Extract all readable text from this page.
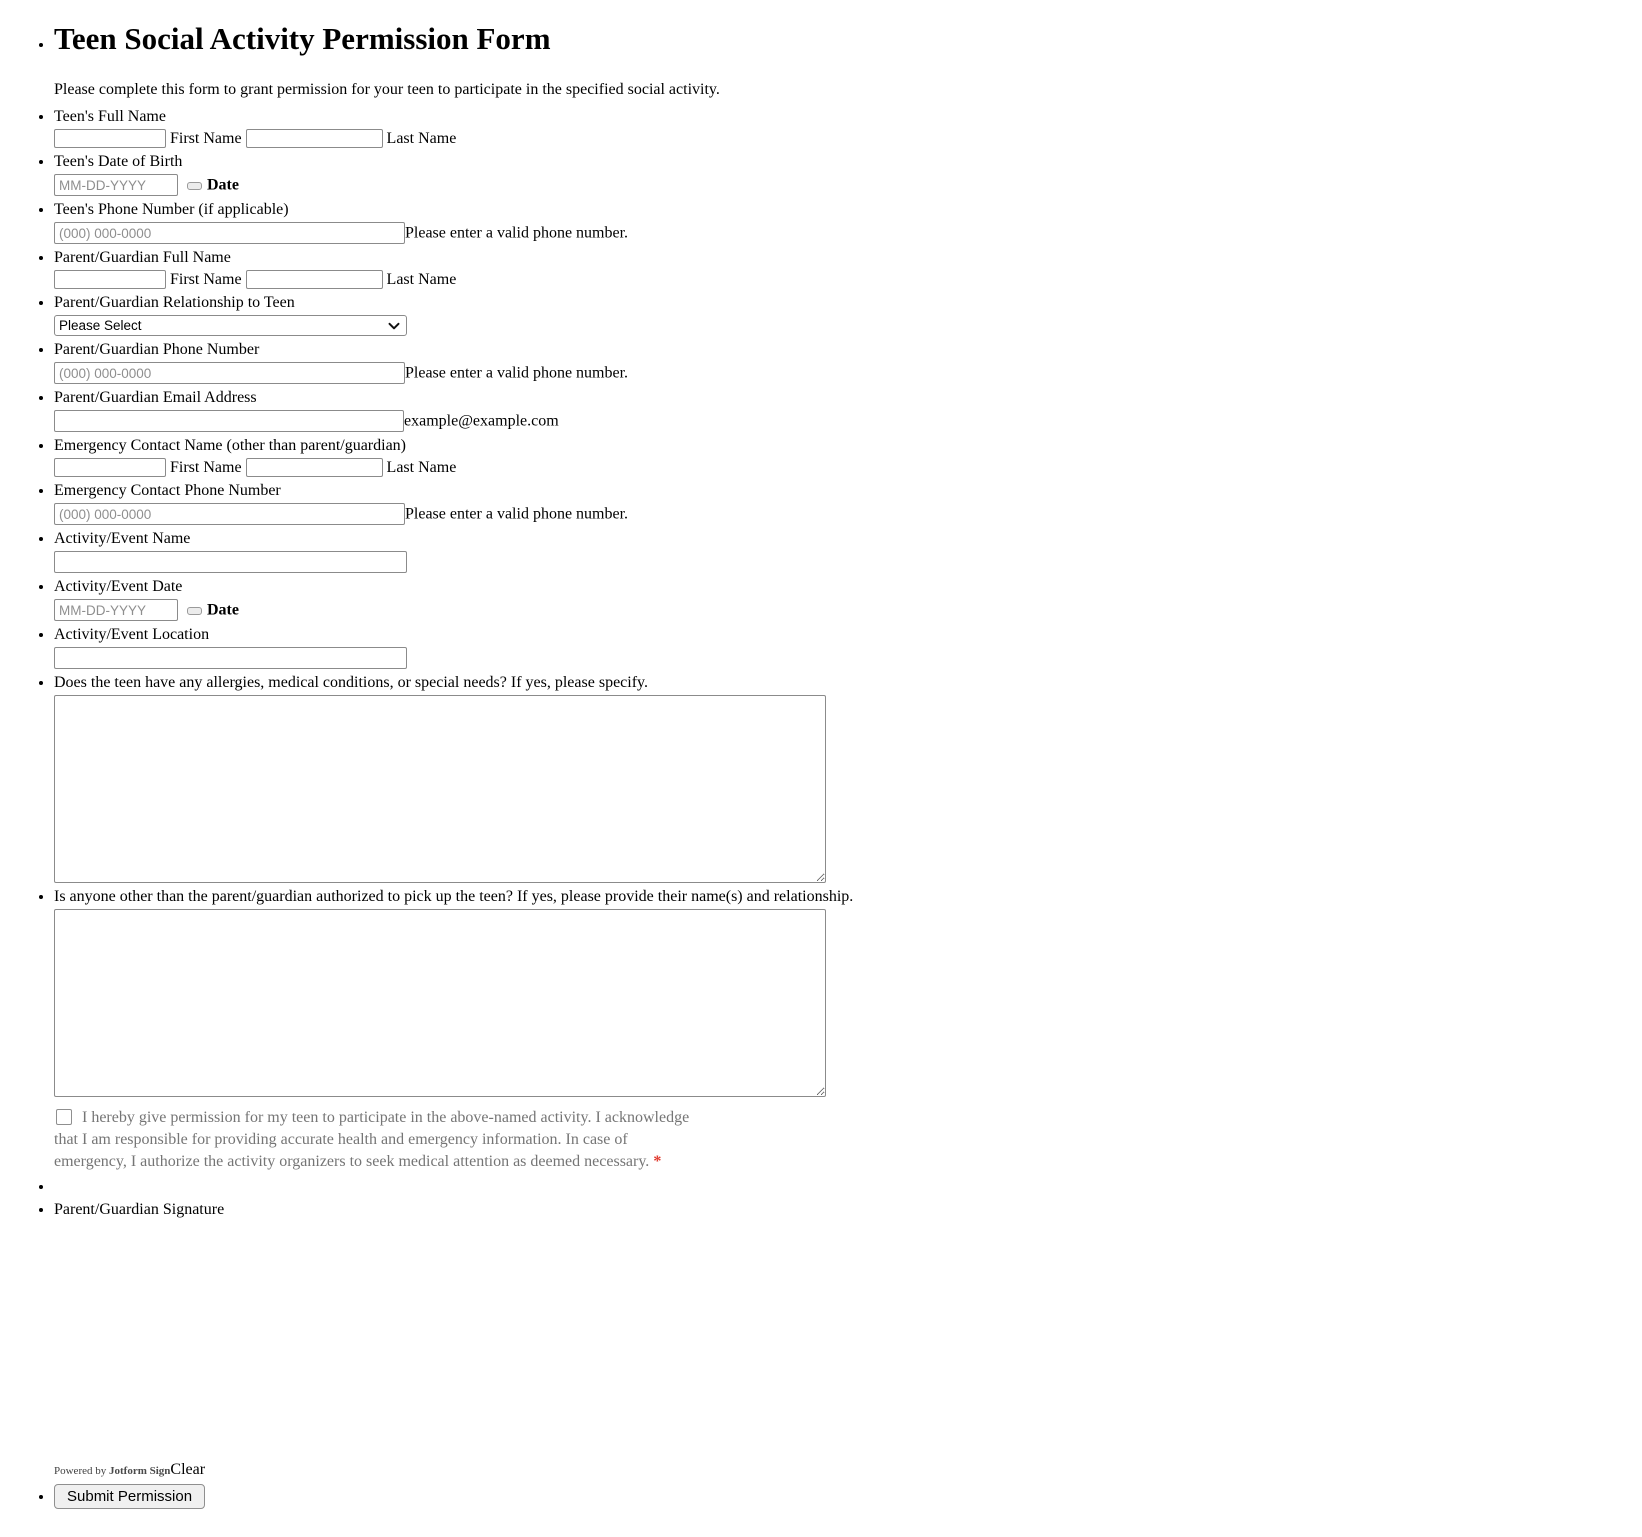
• Teen Social Activity Permission Form
Please complete this form to grant permission for your teen to participate in the specified social activity.
• Teen's Full Name
First Name	Last Name
• Teen's Date of Birth
MM-DD-YYYY  Date
• Teen's Phone Number (if applicable)
(000) 000-0000Please enter a valid phone number.
• Parent/Guardian Full Name
First Name	Last Name
• Parent/Guardian Relationship to Teen
Please Select
• Parent/Guardian Phone Number
(000) 000-0000Please enter a valid phone number.
• Parent/Guardian Email Address
example@example.com
• Emergency Contact Name (other than parent/guardian)
First Name	Last Name
• Emergency Contact Phone Number
(000) 000-0000Please enter a valid phone number.
• Activity/Event Name
• Activity/Event Date
MM-DD-YYYY  Date
• Activity/Event Location
• Does the teen have any allergies, medical conditions, or special needs? If yes, please specify.
• Is anyone other than the parent/guardian authorized to pick up the teen? If yes, please provide their name(s) and relationship.
I hereby give permission for my teen to participate in the above-named activity. I acknowledge that I am responsible for providing accurate health and emergency information. In case of emergency, I authorize the activity organizers to seek medical attention as deemed necessary. *
•
• Parent/Guardian Signature
Powered by Jotform SignClear
• Submit Permission
